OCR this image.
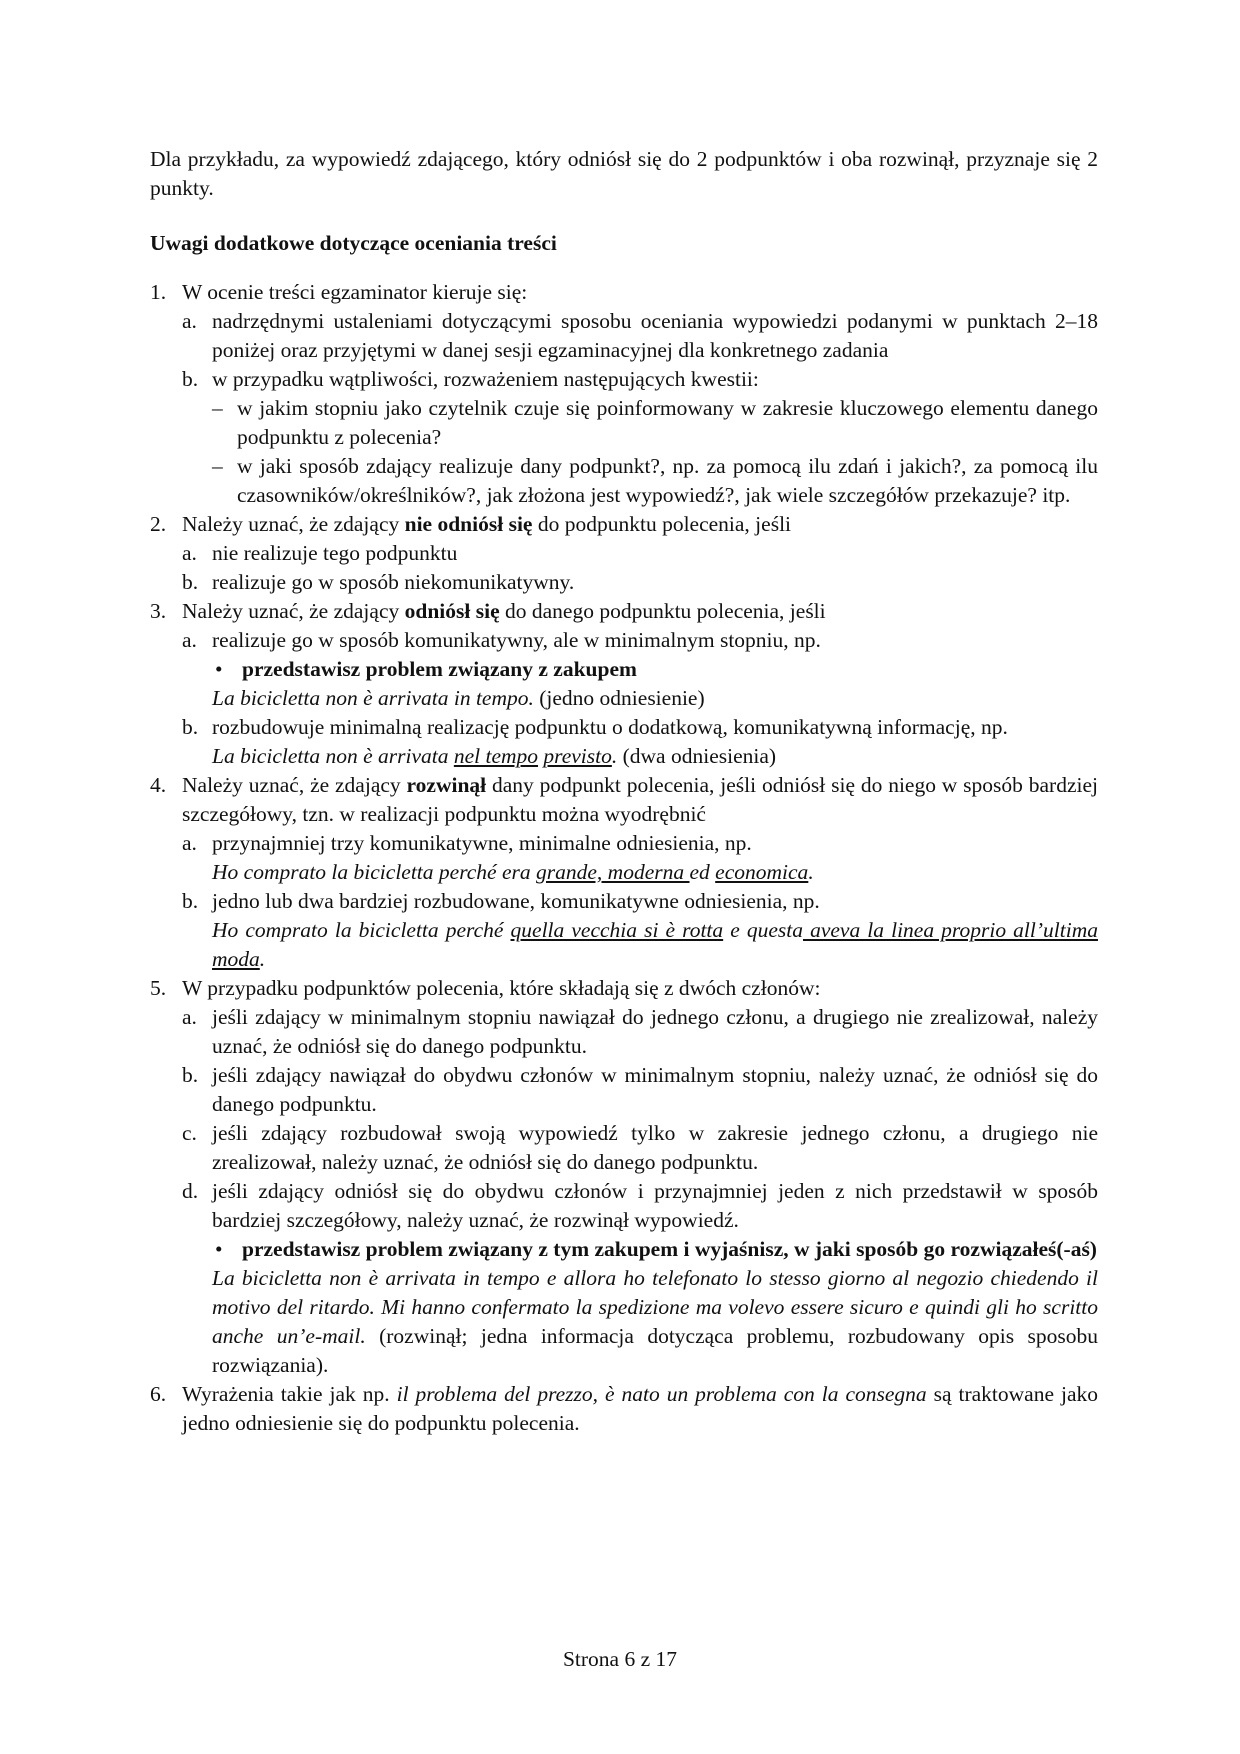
Dla przykładu, za wypowiedź zdającego, który odniósł się do 2 podpunktów i oba rozwinął, przyznaje się 2 punkty.

Uwagi dodatkowe dotyczące oceniania treści

1. W ocenie treści egzaminator kieruje się:
a. nadrzędnymi ustaleniami dotyczącymi sposobu oceniania wypowiedzi podanymi w punktach 2–18 poniżej oraz przyjętymi w danej sesji egzaminacyjnej dla konkretnego zadania
b. w przypadku wątpliwości, rozważeniem następujących kwestii:
– w jakim stopniu jako czytelnik czuje się poinformowany w zakresie kluczowego elementu danego podpunktu z polecenia?
– w jaki sposób zdający realizuje dany podpunkt?, np. za pomocą ilu zdań i jakich?, za pomocą ilu czasowników/określników?, jak złożona jest wypowiedź?, jak wiele szczegółów przekazuje? itp.
2. Należy uznać, że zdający nie odniósł się do podpunktu polecenia, jeśli
a. nie realizuje tego podpunktu
b. realizuje go w sposób niekomunikatywny.
3. Należy uznać, że zdający odniósł się do danego podpunktu polecenia, jeśli
a. realizuje go w sposób komunikatywny, ale w minimalnym stopniu, np.
• przedstawisz problem związany z zakupem
La bicicletta non è arrivata in tempo. (jedno odniesienie)
b. rozbudowuje minimalną realizację podpunktu o dodatkową, komunikatywną informację, np.
La bicicletta non è arrivata nel tempo previsto. (dwa odniesienia)
4. Należy uznać, że zdający rozwinął dany podpunkt polecenia, jeśli odniósł się do niego w sposób bardziej szczegółowy, tzn. w realizacji podpunktu można wyodrębnić
a. przynajmniej trzy komunikatywne, minimalne odniesienia, np.
Ho comprato la bicicletta perché era grande, moderna ed economica.
b. jedno lub dwa bardziej rozbudowane, komunikatywne odniesienia, np.
Ho comprato la bicicletta perché quella vecchia si è rotta e questa aveva la linea proprio all’ultima moda.
5. W przypadku podpunktów polecenia, które składają się z dwóch członów:
a. jeśli zdający w minimalnym stopniu nawiązał do jednego członu, a drugiego nie zrealizował, należy uznać, że odniósł się do danego podpunktu.
b. jeśli zdający nawiązał do obydwu członów w minimalnym stopniu, należy uznać, że odniósł się do danego podpunktu.
c. jeśli zdający rozbudował swoją wypowiedź tylko w zakresie jednego członu, a drugiego nie zrealizował, należy uznać, że odniósł się do danego podpunktu.
d. jeśli zdający odniósł się do obydwu członów i przynajmniej jeden z nich przedstawił w sposób bardziej szczegółowy, należy uznać, że rozwinął wypowiedź.
• przedstawisz problem związany z tym zakupem i wyjaśnisz, w jaki sposób go rozwiązałeś(-aś)
La bicicletta non è arrivata in tempo e allora ho telefonato lo stesso giorno al negozio chiedendo il motivo del ritardo. Mi hanno confermato la spedizione ma volevo essere sicuro e quindi gli ho scritto anche un’e-mail. (rozwinął; jedna informacja dotycząca problemu, rozbudowany opis sposobu rozwiązania).
6. Wyrażenia takie jak np. il problema del prezzo, è nato un problema con la consegna są traktowane jako jedno odniesienie się do podpunktu polecenia.
Strona 6 z 17
